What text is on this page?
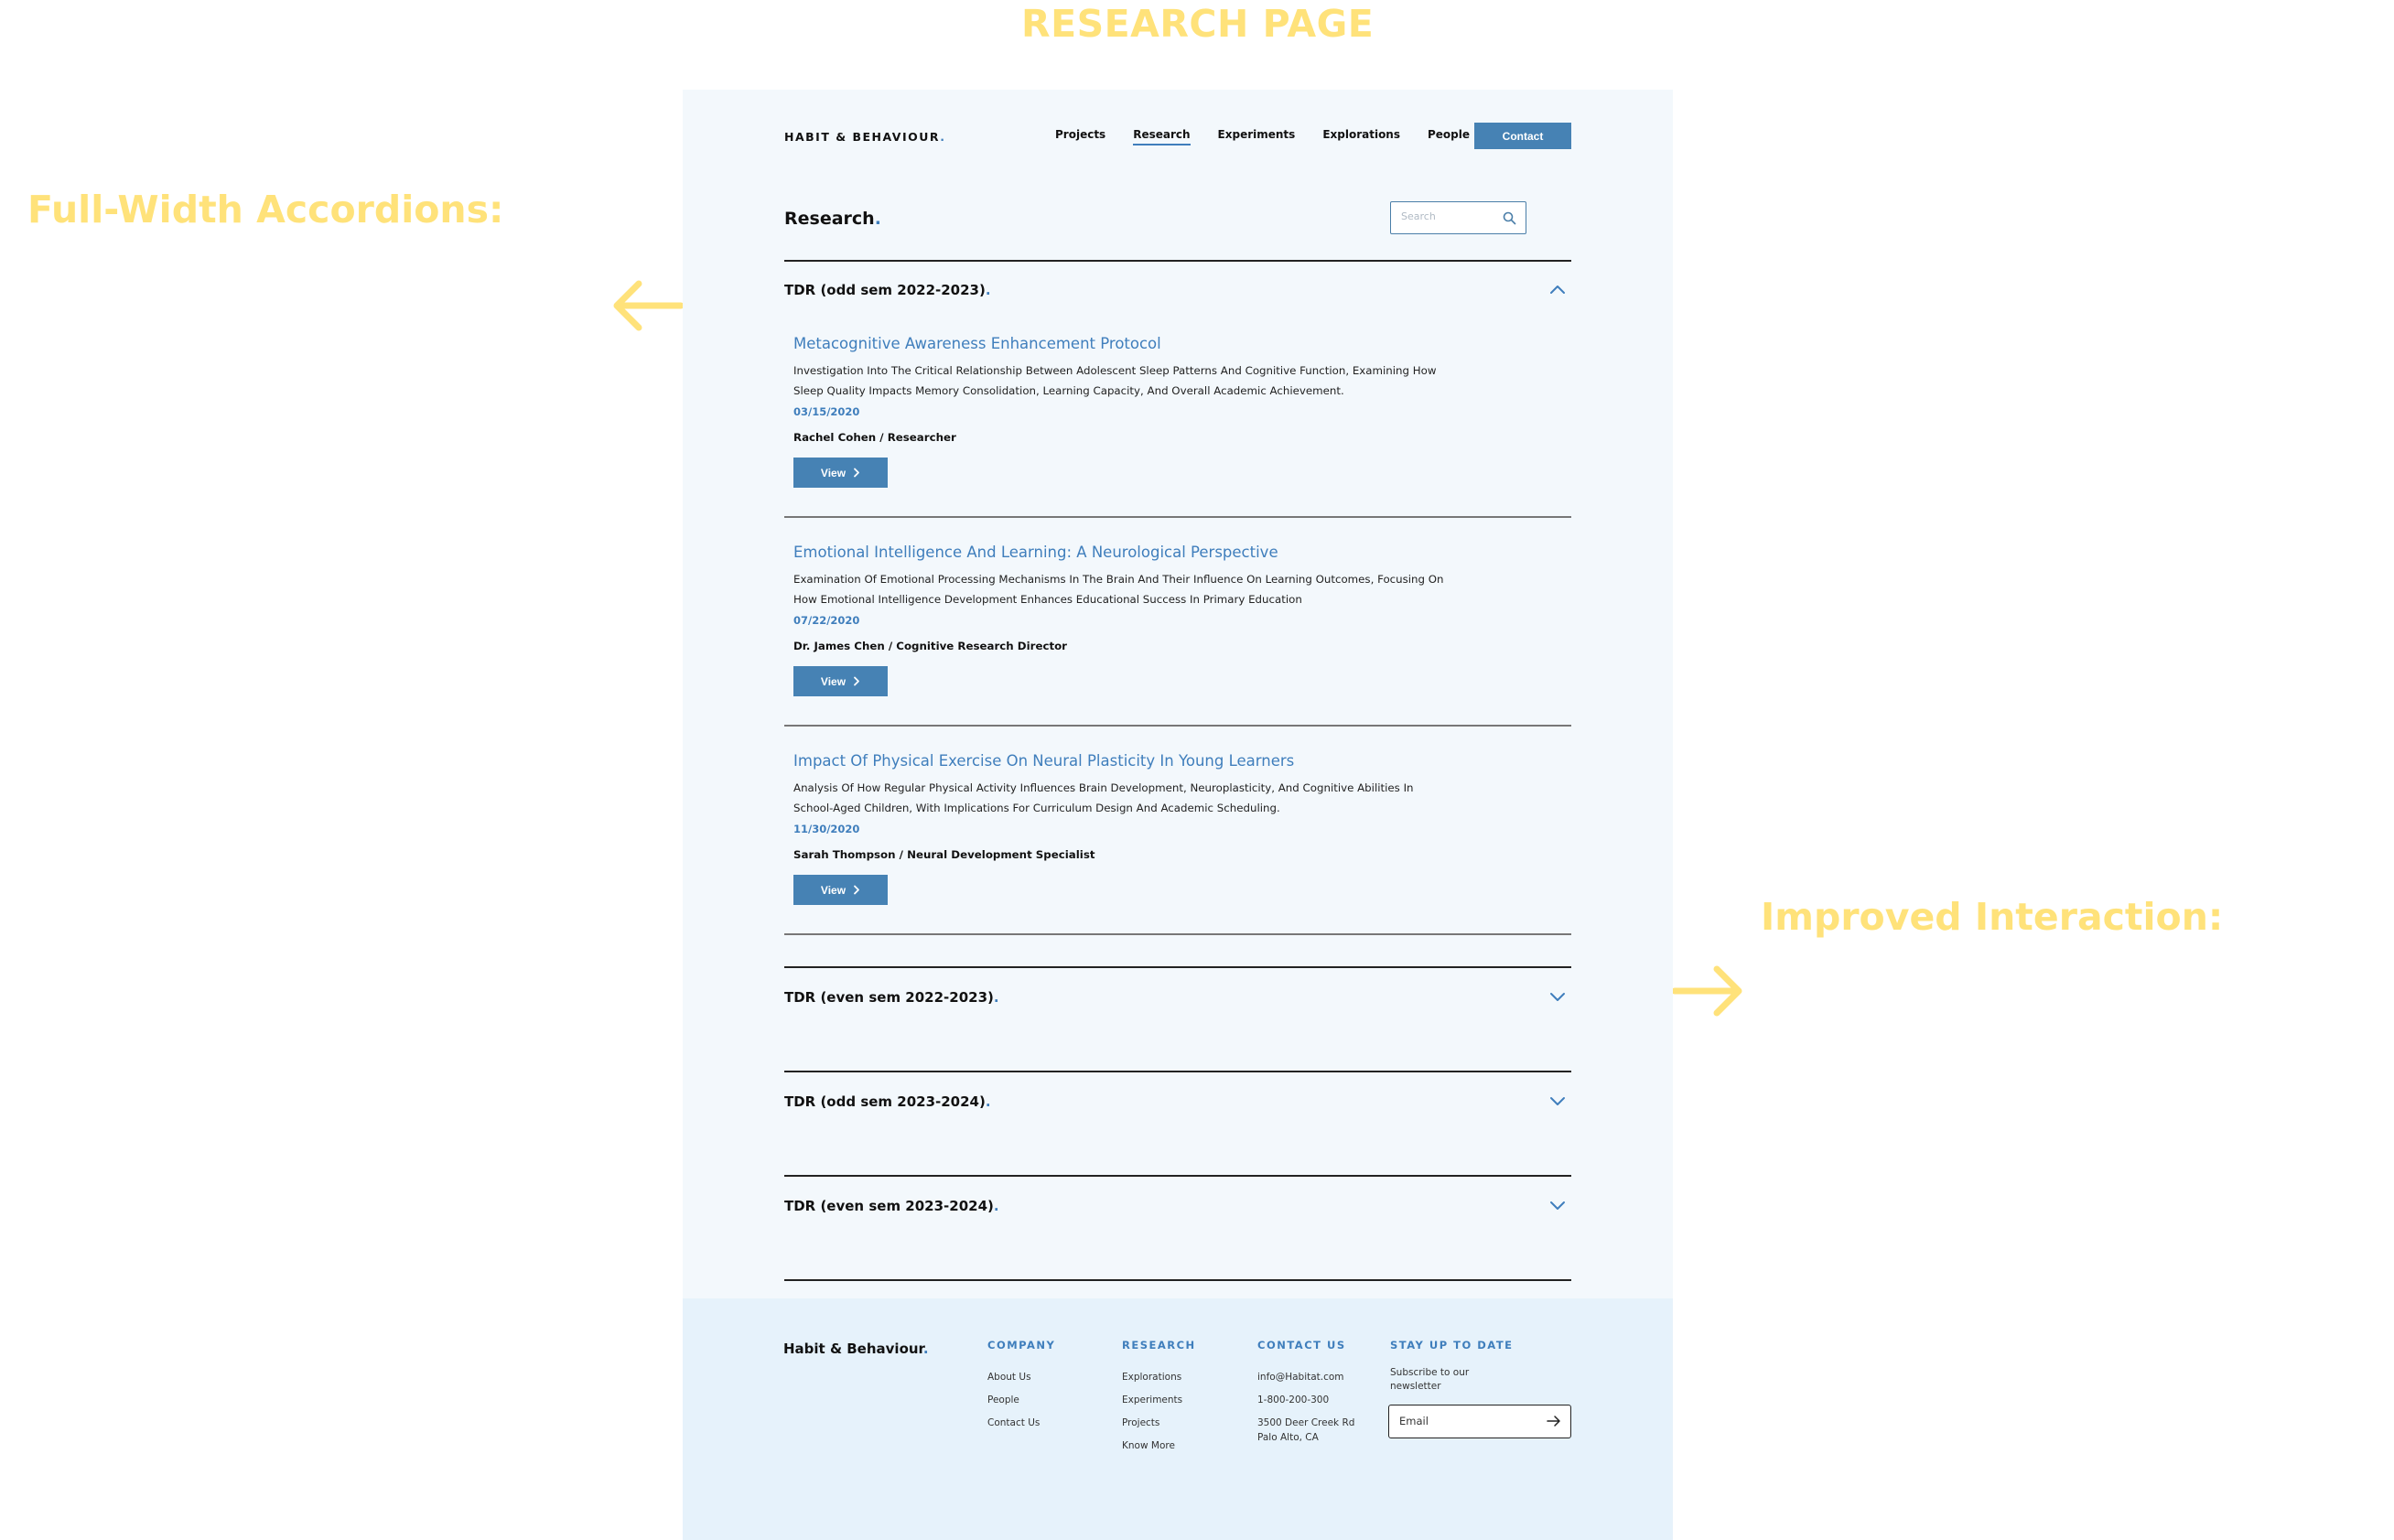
RESEARCH PAGE
Full-Width Accordions:
Improved Interaction:
HABIT & BEHAVIOUR.	Projects	Research	Experiments	Explorations	People	Contact
Research.	Search
TDR (odd sem 2022-2023).
Metacognitive Awareness Enhancement Protocol
Investigation Into The Critical Relationship Between Adolescent Sleep Patterns And Cognitive Function, Examining How Sleep Quality Impacts Memory Consolidation, Learning Capacity, And Overall Academic Achievement.
03/15/2020
Rachel Cohen / Researcher
View
Emotional Intelligence And Learning: A Neurological Perspective
Examination Of Emotional Processing Mechanisms In The Brain And Their Influence On Learning Outcomes, Focusing On How Emotional Intelligence Development Enhances Educational Success In Primary Education
07/22/2020
Dr. James Chen / Cognitive Research Director
View
Impact Of Physical Exercise On Neural Plasticity In Young Learners
Analysis Of How Regular Physical Activity Influences Brain Development, Neuroplasticity, And Cognitive Abilities In School-Aged Children, With Implications For Curriculum Design And Academic Scheduling.
11/30/2020
Sarah Thompson / Neural Development Specialist
View
TDR (even sem 2022-2023).
TDR (odd sem 2023-2024).
TDR (even sem 2023-2024).
Habit & Behaviour.	COMPANY
About Us
People
Contact Us
RESEARCH
Explorations
Experiments
Projects
Know More
CONTACT US
info@Habitat.com
1-800-200-300
3500 Deer Creek Rd
Palo Alto, CA
STAY UP TO DATE
Subscribe to our newsletter
Email
